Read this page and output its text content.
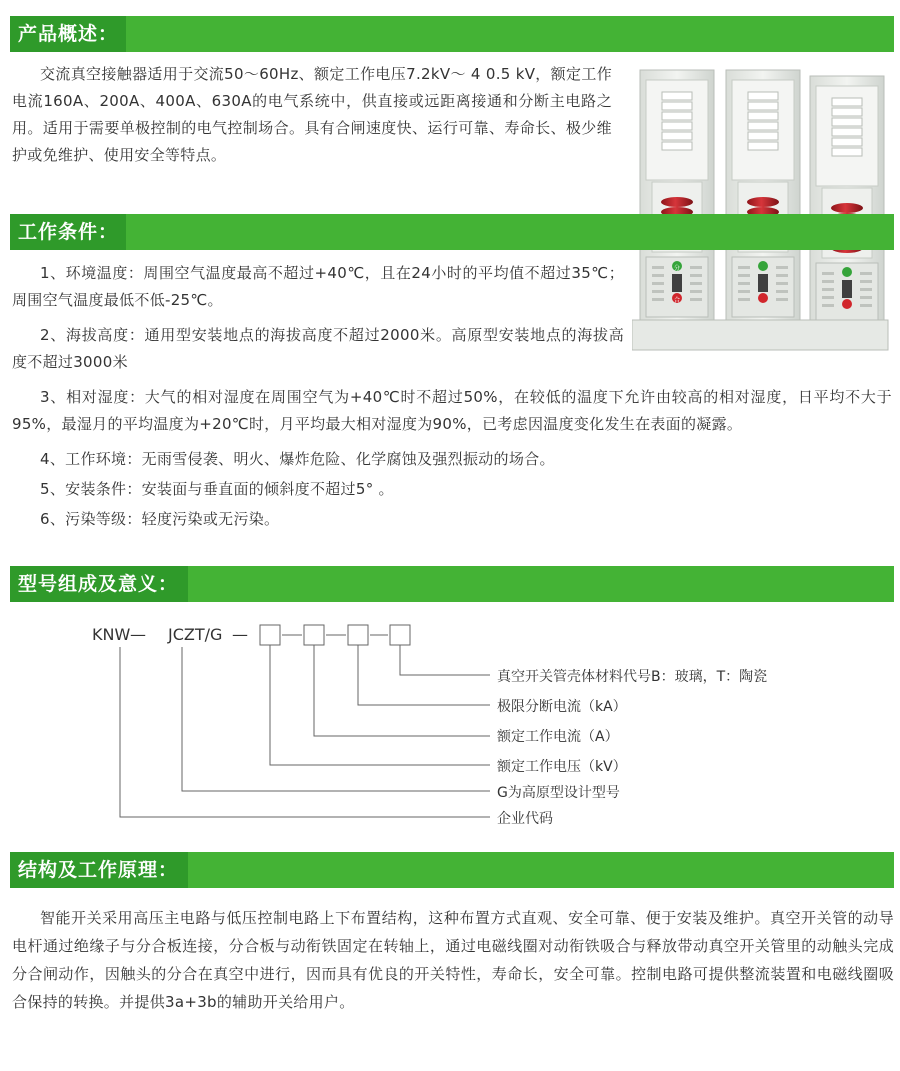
产品概述：

交流真空接触器适用于交流50～60Hz、额定工作电压7.2kV～ 4 0.5 kV，额定工作电流160A、200A、400A、630A的电气系统中，供直接或远距离接通和分断主电路之用。适用于需要单极控制的电气控制场合。具有合闸速度快、运行可靠、寿命长、极少维护或免维护、使用安全等特点。

分
合
工作条件：

1、环境温度：周围空气温度最高不超过+40℃，且在24小时的平均值不超过35℃；周围空气温度最低不低-25℃。

2、海拔高度：通用型安装地点的海拔高度不超过2000米。高原型安装地点的海拔高度不超过3000米

3、相对湿度：大气的相对湿度在周围空气为+40℃时不超过50%，在较低的温度下允许由较高的相对湿度，日平均不大于95%，最湿月的平均温度为+20℃时，月平均最大相对湿度为90%，已考虑因温度变化发生在表面的凝露。

4、工作环境：无雨雪侵袭、明火、爆炸危险、化学腐蚀及强烈振动的场合。

5、安装条件：安装面与垂直面的倾斜度不超过5° 。

6、污染等级：轻度污染或无污染。

型号组成及意义：
KNW — JCZT/G —
真空开关管壳体材料代号B：玻璃，T：陶瓷
极限分断电流（kA）
额定工作电流（A）
额定工作电压（kV）
G为高原型设计型号
企业代码
结构及工作原理：

智能开关采用高压主电路与低压控制电路上下布置结构，这种布置方式直观、安全可靠、便于安装及维护。真空开关管的动导电杆通过绝缘子与分合板连接，分合板与动衔铁固定在转轴上，通过电磁线圈对动衔铁吸合与释放带动真空开关管里的动触头完成分合闸动作，因触头的分合在真空中进行，因而具有优良的开关特性，寿命长，安全可靠。控制电路可提供整流装置和电磁线圈吸合保持的转换。并提供3a+3b的辅助开关给用户。
